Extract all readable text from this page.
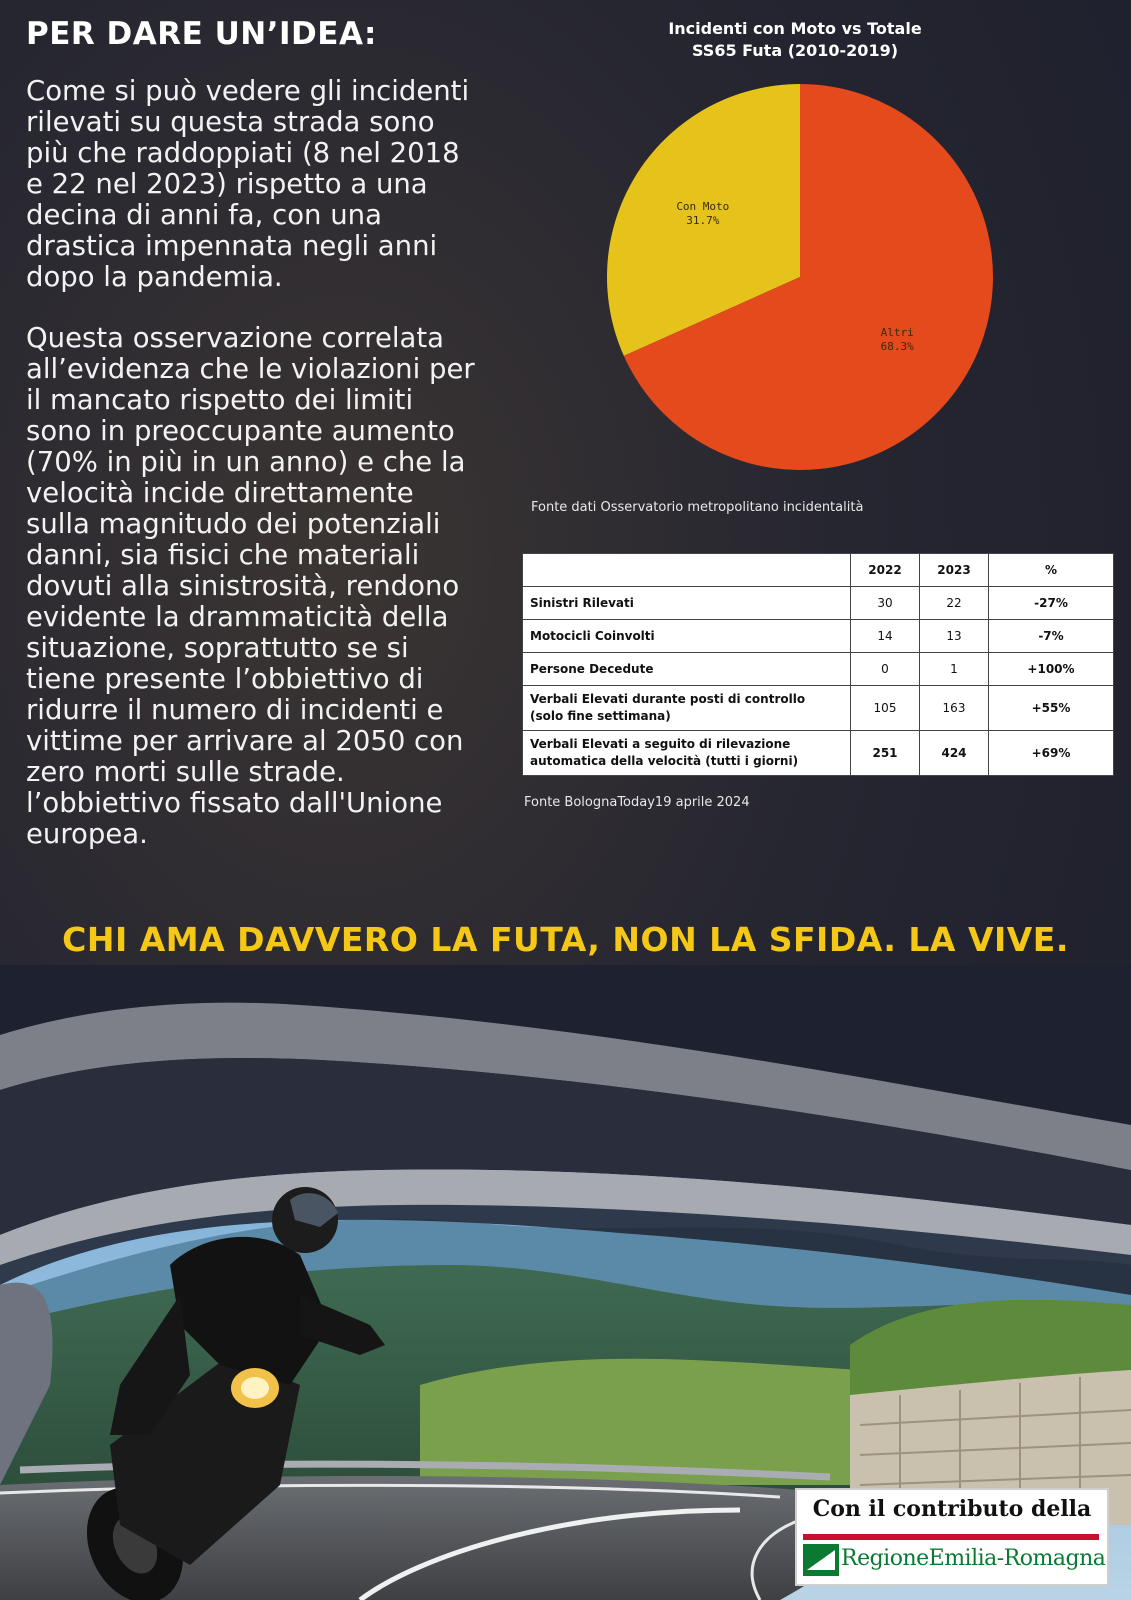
PER DARE UN’IDEA:

Come si può vedere gli incidenti
rilevati su questa strada sono
più che raddoppiati (8 nel 2018
e 22 nel 2023) rispetto a una
decina di anni fa, con una
drastica impennata negli anni
dopo la pandemia.

Questa osservazione correlata
all’evidenza che le violazioni per
il mancato rispetto dei limiti
sono in preoccupante aumento
(70% in più in un anno) e che la
velocità incide direttamente
sulla magnitudo dei potenziali
danni, sia fisici che materiali
dovuti alla sinistrosità, rendono
evidente la drammaticità della
situazione, soprattutto se si
tiene presente l’obbiettivo di
ridurre il numero di incidenti e
vittime per arrivare al 2050 con
zero morti sulle strade.
l’obbiettivo fissato dall'Unione
europea.

Incidenti con Moto vs Totale
SS65 Futa (2010-2019)
Con Moto
31.7%
Altri
68.3%
Fonte dati Osservatorio metropolitano incidentalità
	2022	2023	%
Sinistri Rilevati	30	22	-27%
Motocicli Coinvolti	14	13	-7%
Persone Decedute	0	1	+100%
Verbali Elevati durante posti di controllo
(solo fine settimana)	105	163	+55%
Verbali Elevati a seguito di rilevazione
automatica della velocità (tutti i giorni)	251	424	+69%
Fonte BolognaToday19 aprile 2024
CHI AMA DAVVERO LA FUTA, NON LA SFIDA. LA VIVE.
Con il contributo della
RegioneEmilia-Romagna
